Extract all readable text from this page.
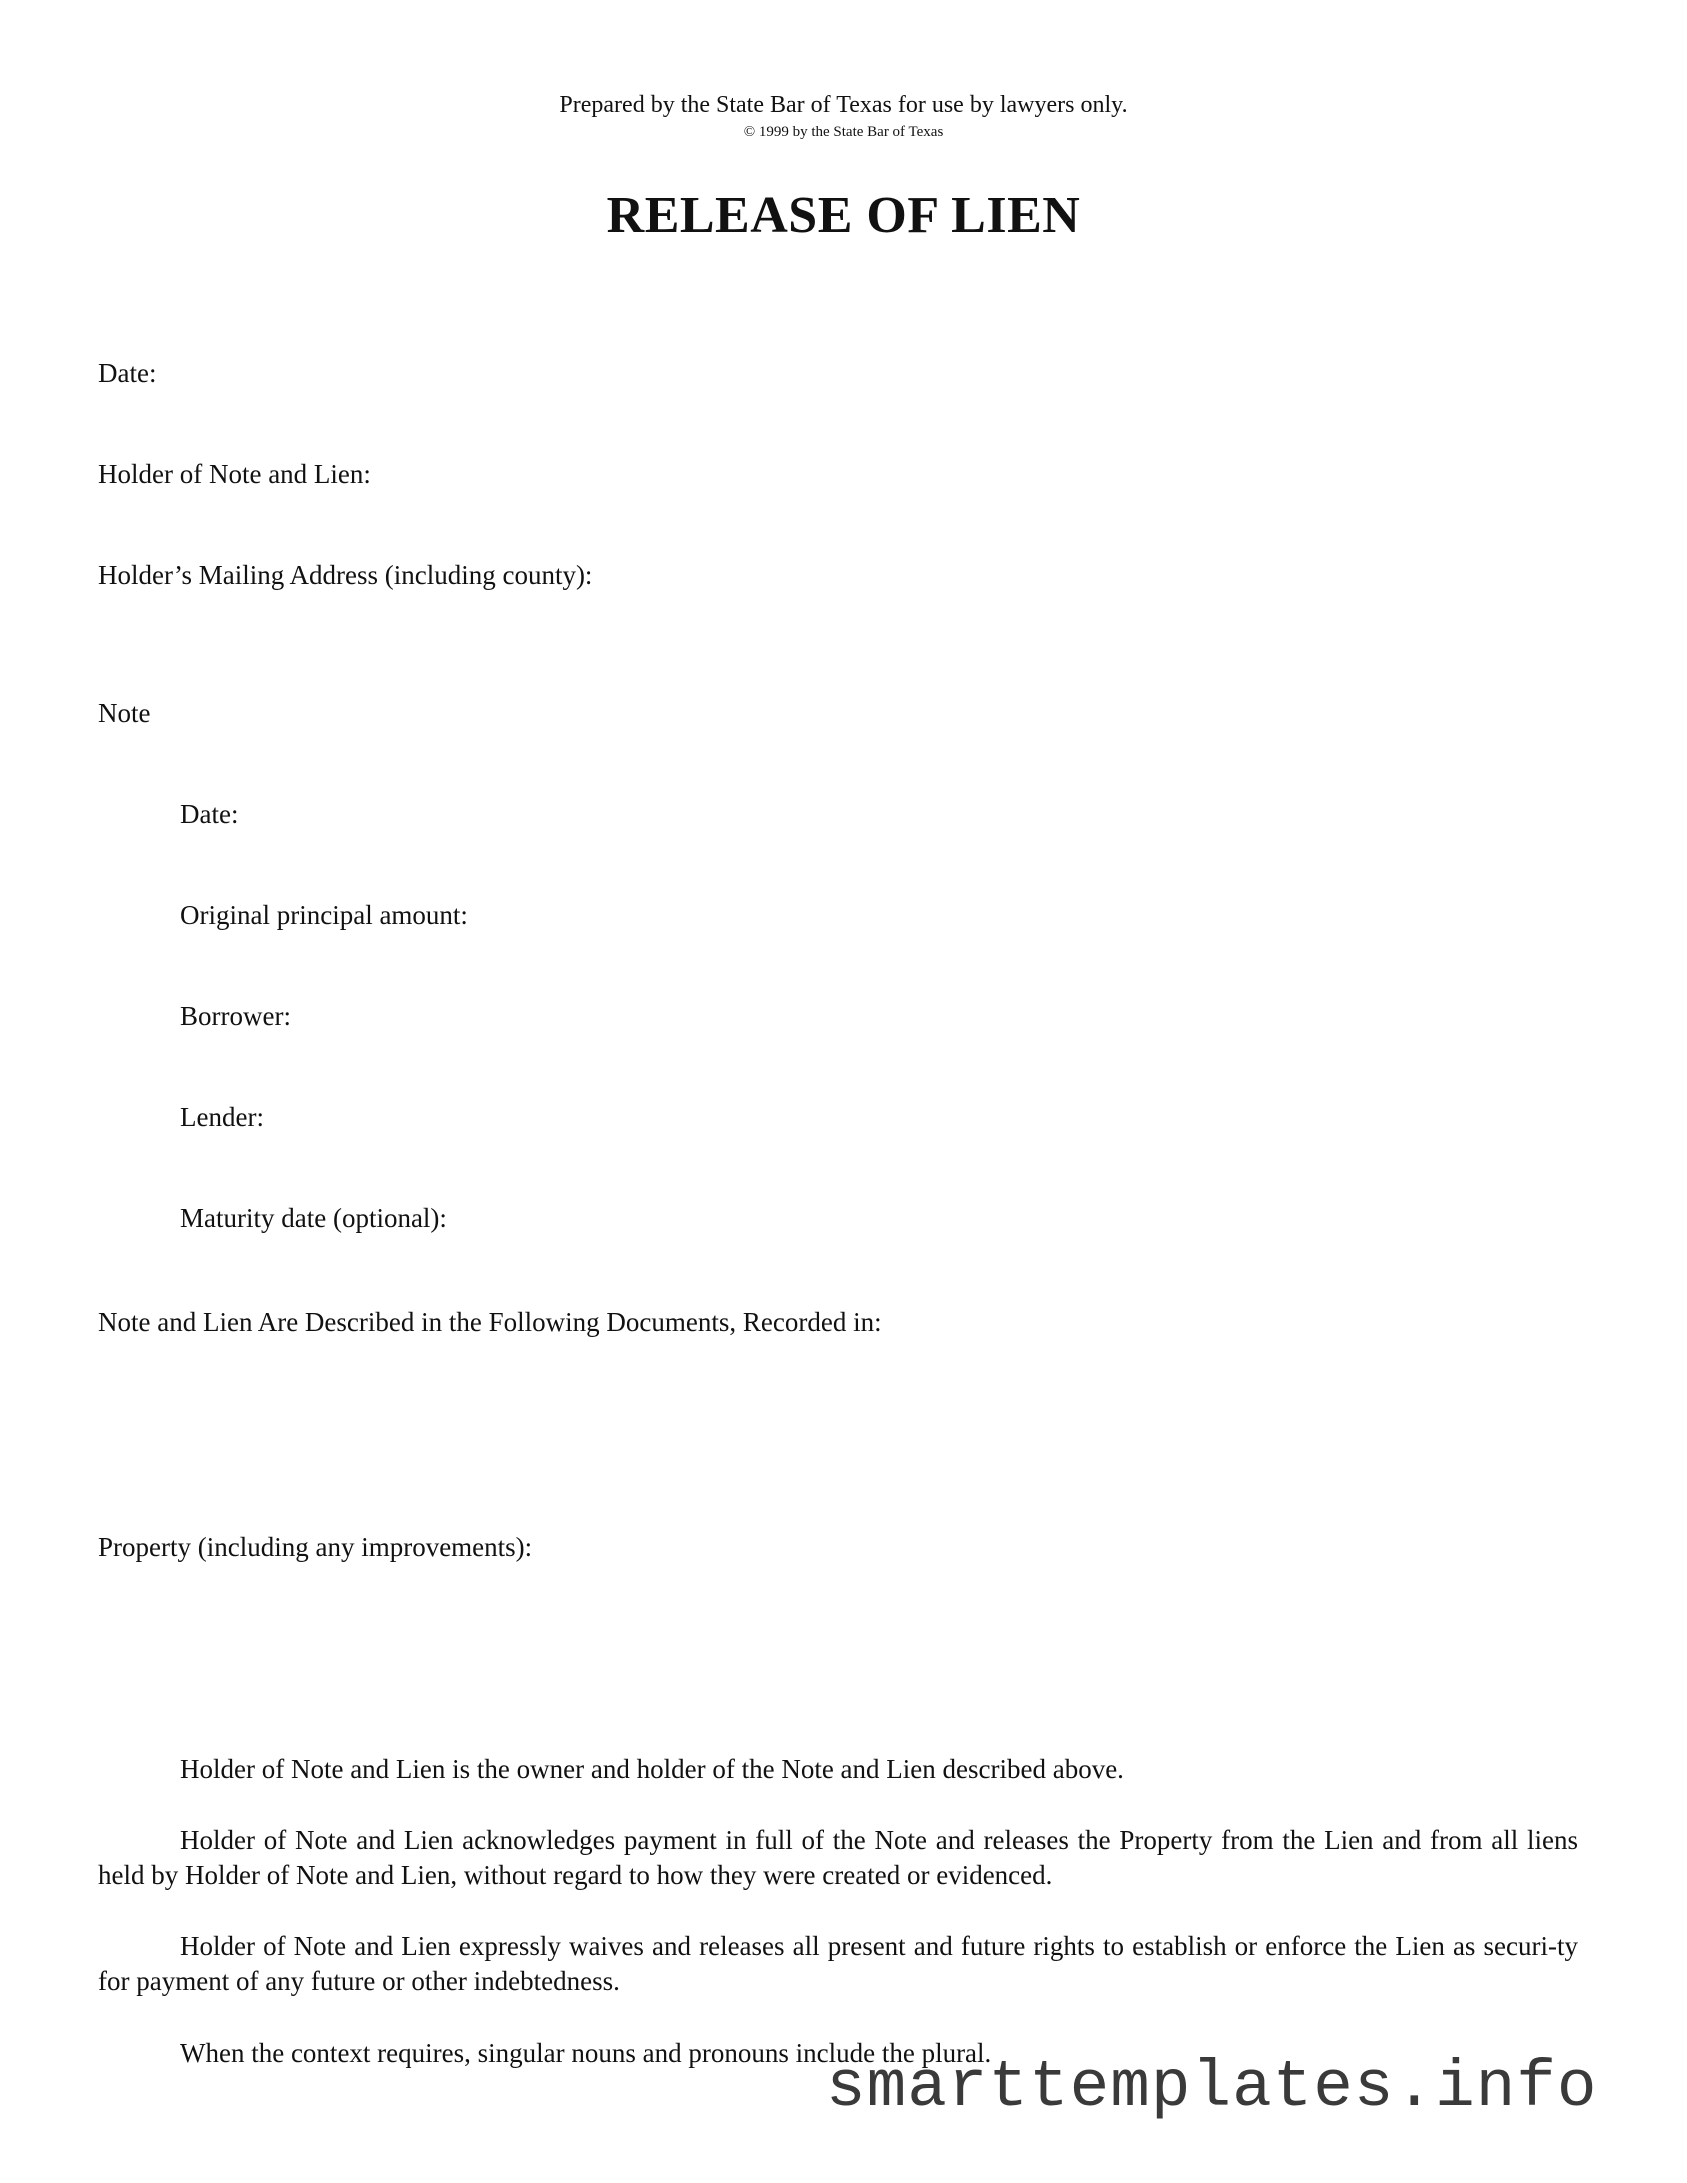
Prepared by the State Bar of Texas for use by lawyers only.
© 1999 by the State Bar of Texas
RELEASE OF LIEN
Date:
Holder of Note and Lien:
Holder’s Mailing Address (including county):
Note
Date:
Original principal amount:
Borrower:
Lender:
Maturity date (optional):
Note and Lien Are Described in the Following Documents, Recorded in:
Property (including any improvements):
Holder of Note and Lien is the owner and holder of the Note and Lien described above.
Holder of Note and Lien acknowledges payment in full of the Note and releases the Property from the Lien and from all liens held by Holder of Note and Lien, without regard to how they were created or evidenced.
Holder of Note and Lien expressly waives and releases all present and future rights to establish or enforce the Lien as securi-ty for payment of any future or other indebtedness.
When the context requires, singular nouns and pronouns include the plural.
smarttemplates.info
